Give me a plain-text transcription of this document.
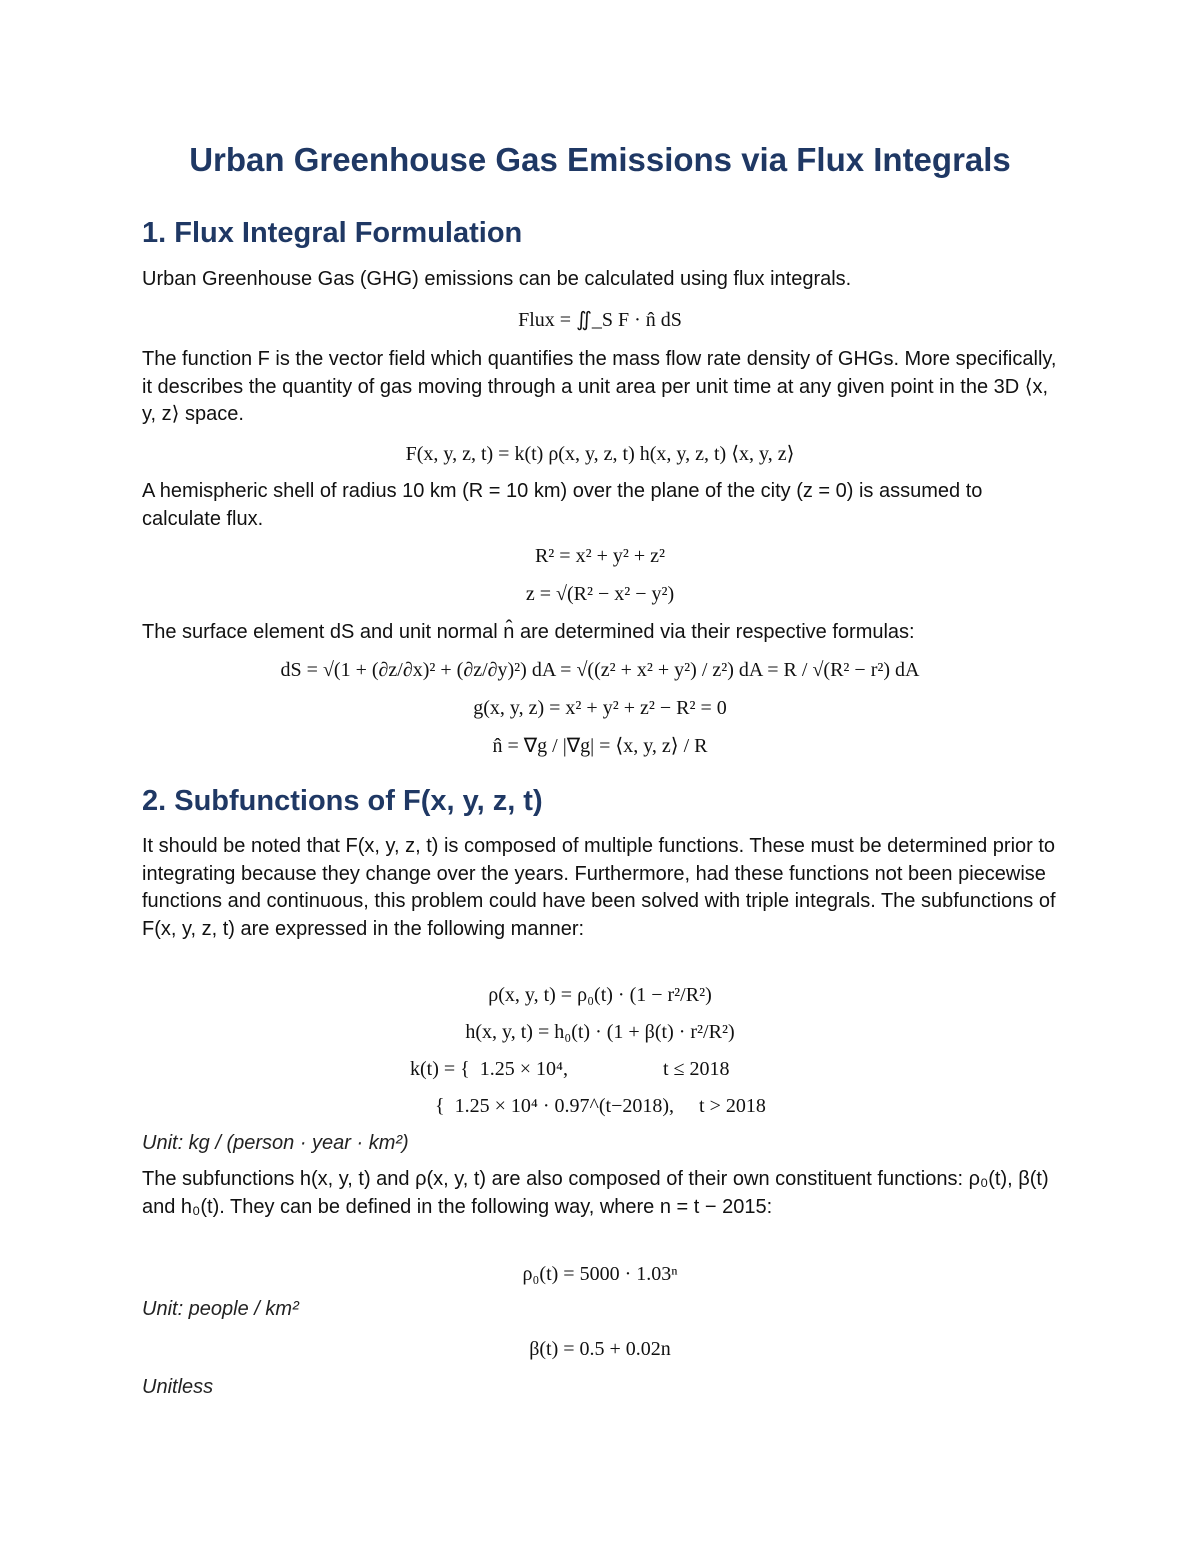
Urban Greenhouse Gas Emissions via Flux Integrals
1. Flux Integral Formulation

Urban Greenhouse Gas (GHG) emissions can be calculated using flux integrals.

Flux = ∬_S F · n̂ dS

The function F is the vector field which quantifies the mass flow rate density of GHGs. More specifically, it describes the quantity of gas moving through a unit area per unit time at any given point in the 3D ⟨x, y, z⟩ space.

F(x, y, z, t) = k(t) ρ(x, y, z, t) h(x, y, z, t) ⟨x, y, z⟩

A hemispheric shell of radius 10 km (R = 10 km) over the plane of the city (z = 0) is assumed to calculate flux.

R² = x² + y² + z²

z = √(R² − x² − y²)

The surface element dS and unit normal n̂ are determined via their respective formulas:

dS = √(1 + (∂z/∂x)² + (∂z/∂y)²) dA = √((z² + x² + y²) / z²) dA = R / √(R² − r²) dA

g(x, y, z) = x² + y² + z² − R² = 0

n̂ = ∇g / |∇g| = ⟨x, y, z⟩ / R

2. Subfunctions of F(x, y, z, t)

It should be noted that F(x, y, z, t) is composed of multiple functions. These must be determined prior to integrating because they change over the years. Furthermore, had these functions not been piecewise functions and continuous, this problem could have been solved with triple integrals. The subfunctions of F(x, y, z, t) are expressed in the following manner:

ρ(x, y, t) = ρ₀(t) · (1 − r²/R²)

h(x, y, t) = h₀(t) · (1 + β(t) · r²/R²)

k(t) = {  1.25 × 10⁴,                   t ≤ 2018

{  1.25 × 10⁴ · 0.97^(t−2018),     t > 2018

Unit: kg / (person · year · km²)

The subfunctions h(x, y, t) and ρ(x, y, t) are also composed of their own constituent functions: ρ₀(t), β(t) and h₀(t). They can be defined in the following way, where n = t − 2015:

ρ₀(t) = 5000 · 1.03ⁿ

Unit: people / km²

β(t) = 0.5 + 0.02n

Unitless
